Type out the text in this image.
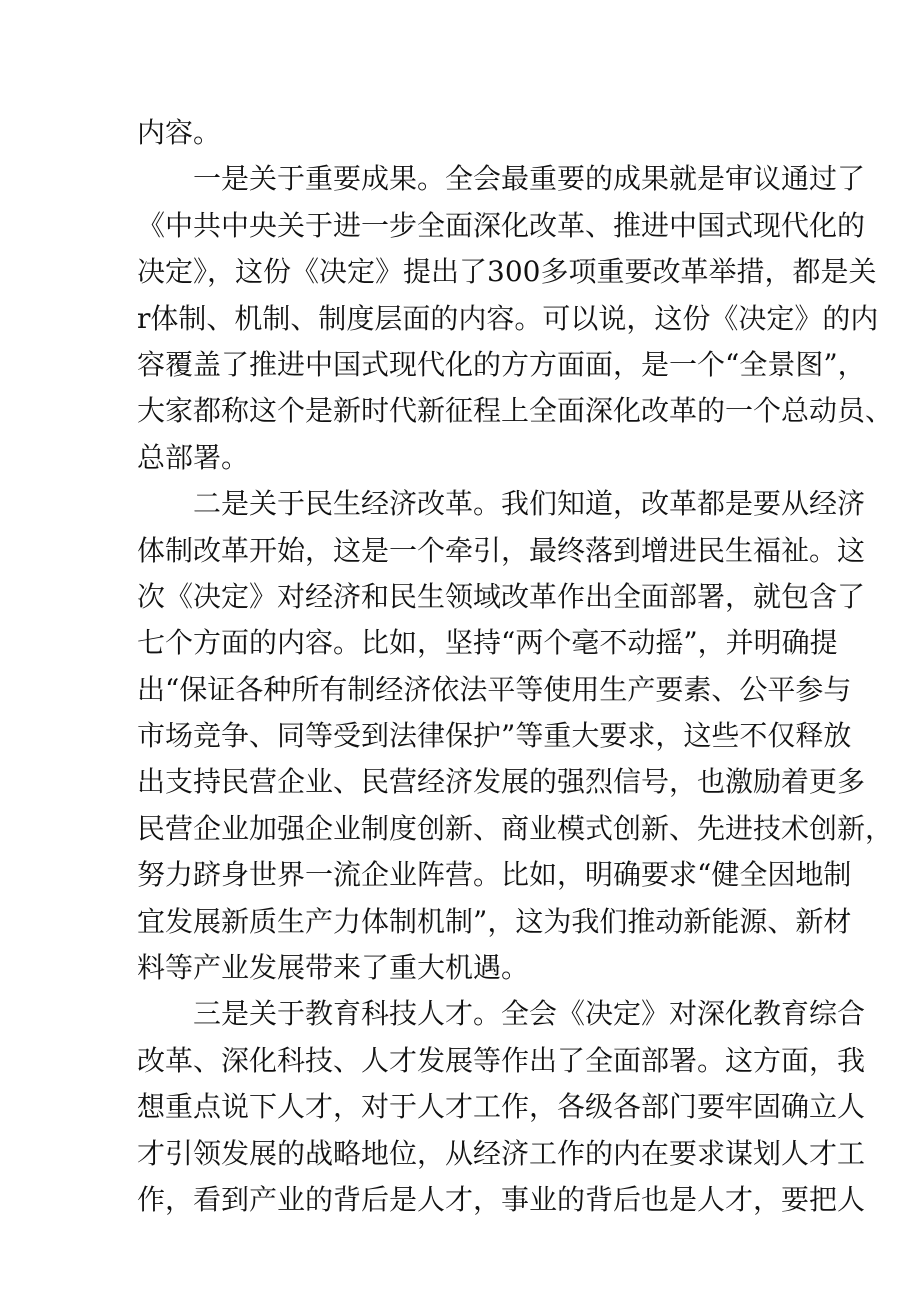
内容。
　　一是关于重要成果。全会最重要的成果就是审议通过了
《中共中央关于进一步全面深化改革、推进中国式现代化的
决定》，这份《决定》提出了300多项重要改革举措，都是关
r体制、机制、制度层面的内容。可以说，这份《决定》的内
容覆盖了推进中国式现代化的方方面面，是一个“全景图”，
大家都称这个是新时代新征程上全面深化改革的一个总动员、
总部署。
　　二是关于民生经济改革。我们知道，改革都是要从经济
体制改革开始，这是一个牵引，最终落到增进民生福祉。这
次《决定》对经济和民生领域改革作出全面部署，就包含了
七个方面的内容。比如，坚持“两个毫不动摇”，并明确提
出“保证各种所有制经济依法平等使用生产要素、公平参与
市场竞争、同等受到法律保护”等重大要求，这些不仅释放
出支持民营企业、民营经济发展的强烈信号，也激励着更多
民营企业加强企业制度创新、商业模式创新、先进技术创新，
努力跻身世界一流企业阵营。比如，明确要求“健全因地制
宜发展新质生产力体制机制”，这为我们推动新能源、新材
料等产业发展带来了重大机遇。
　　三是关于教育科技人才。全会《决定》对深化教育综合
改革、深化科技、人才发展等作出了全面部署。这方面，我
想重点说下人才，对于人才工作，各级各部门要牢固确立人
才引领发展的战略地位，从经济工作的内在要求谋划人才工
作，看到产业的背后是人才，事业的背后也是人才，要把人
